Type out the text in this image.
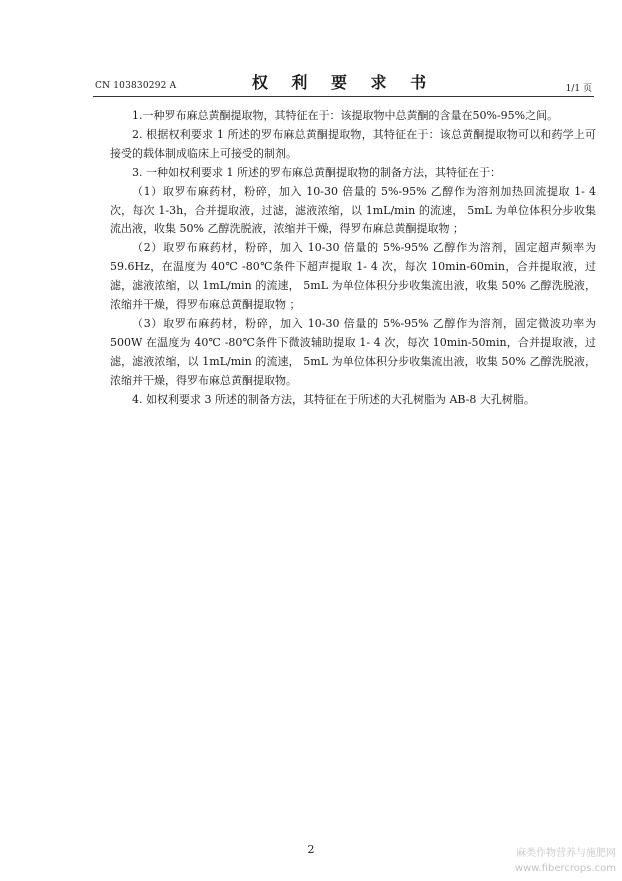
CN 103830292 A	权 利 要 求 书	1/1 页

1.一种罗布麻总黄酮提取物，其特征在于：该提取物中总黄酮的含量在50%-95%之间。

2. 根据权利要求 1 所述的罗布麻总黄酮提取物，其特征在于：该总黄酮提取物可以和药学上可接受的载体制成临床上可接受的制剂。

3. 一种如权利要求 1 所述的罗布麻总黄酮提取物的制备方法，其特征在于：

（1）取罗布麻药材，粉碎，加入 10-30 倍量的 5%-95% 乙醇作为溶剂加热回流提取 1- 4 次，每次 1-3h，合并提取液，过滤，滤液浓缩，以 1mL/min 的流速， 5mL 为单位体积分步收集流出液，收集 50% 乙醇洗脱液，浓缩并干燥，得罗布麻总黄酮提取物 ；

（2）取罗布麻药材，粉碎，加入 10-30 倍量的 5%-95% 乙醇作为溶剂，固定超声频率为 59.6Hz，在温度为 40℃ -80℃条件下超声提取 1- 4 次，每次 10min-60min，合并提取液，过滤，滤液浓缩，以 1mL/min 的流速， 5mL 为单位体积分步收集流出液，收集 50% 乙醇洗脱液，浓缩并干燥，得罗布麻总黄酮提取物 ；

（3）取罗布麻药材，粉碎，加入 10-30 倍量的 5%-95% 乙醇作为溶剂，固定微波功率为 500W 在温度为 40℃ -80℃条件下微波辅助提取 1- 4 次，每次 10min-50min，合并提取液，过滤，滤液浓缩，以 1mL/min 的流速， 5mL 为单位体积分步收集流出液，收集 50% 乙醇洗脱液，浓缩并干燥，得罗布麻总黄酮提取物。

4. 如权利要求 3 所述的制备方法，其特征在于所述的大孔树脂为 AB-8 大孔树脂。

2	麻类作物营养与施肥网
www.fibercrops.com
